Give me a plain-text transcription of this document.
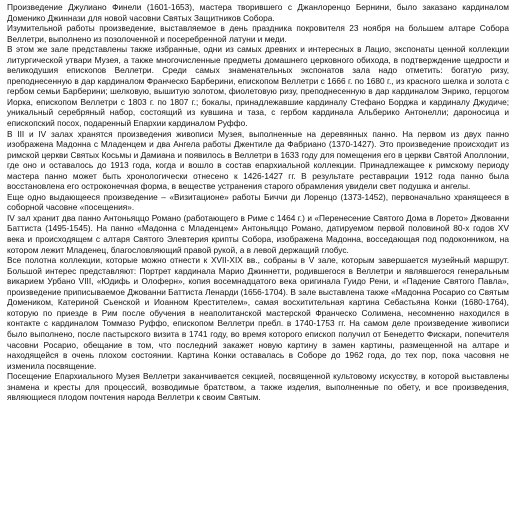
Произведение Джулиано Финели (1601-1653), мастера творившего с Джанлоренцо Бернини, было заказано кардиналом Доменико Джиннази для новой часовни Святых Защитников Собора.

Изумительной работы произведение, выставляемое в день праздника покровителя 23 ноября на большем алтаре Собора Веллетри, выполнено из позолоченной и посеребренной латуни и меди.

В этом же зале представлены также избранные, одни из самых древних и интересных в Лацио, экспонаты ценной коллекции литургической утвари Музея, а также многочисленные предметы домашнего церковного обихода, в подтверждение щедрости и великодушия епископов Веллетри. Среди самых знаменательных экспонатов зала надо отметить: богатую ризу, преподнесенную в дар кардиналом Франческо Барберини, епископом Веллетри с 1666 г. по 1680 г., из красного шелка и золота с гербом семьи Барберини; шелковую, вышитую золотом, фиолетовую ризу, преподнесенную в дар кардиналом Энрико, герцогом Иорка, епископом Веллетри с 1803 г. по 1807 г.; бокалы, принадлежавшие кардиналу Стефано Борджа и кардиналу Джудиче; уникальный серебряный набор, состоящий из кувшина и таза, с гербом кардинала Альберико Антонелли; дароносица и епископский посох, подаренный Епархии кардиналом Руффо.

В III и IV залах хранятся произведения живописи Музея, выполненные на деревянных панно. На первом из двух панно изображена Мадонна с Младенцем и два Ангела работы Джентиле да Фабриано (1370-1427). Это произведение происходит из римской церкви Святых Косьмы и Дамиана и появилось в Веллетри в 1633 году для помещения его в церкви Святой Аполлонии, где оно и оставалось до 1913 года, когда и вошло в состав епархиальной коллекции. Принадлежащее к римскому периоду мастера панно может быть хронологически отнесено к 1426-1427 гг. В результате реставрации 1912 года панно была восстановлена его остроконечная форма, в веществе устранения старого обрамления увидели свет подушка и ангелы.

Еще одно выдающееся произведение – «Визитационе» работы Биччи ди Лоренцо (1373-1452), первоначально хранящееся в соборной часовне «посещения».

IV зал хранит два панно Антоньяццо Романо (работающего в Риме с 1464 г.) и «Перенесение Святого Дома в Лорето» Джованни Баттиста (1495-1545). На панно «Мадонна с Младенцем» Антоньяццо Романо, датируемом первой половиной 80-х годов XV века и происходящем с алтаря Святого Элевтерия крипты Собора, изображена Мадонна, восседающая под подоконником, на котором лежит Младенец, благословляющий правой рукой, а в левой держащий глобус.

Все полотна коллекции, которые можно отнести к XVII-XIX вв., собраны в V зале, которым завершается музейный маршрут. Большой интерес представляют: Портрет кардинала Марио Джиннетти, родившегося в Веллетри и являвшегося генеральным викарием Урбано VIII, «Юдифь и Олоферн», копия восемнадцатого века оригинала Гуидо Рени, и «Падение Святого Павла», произведение приписываемое Джованни Баттиста Ленарди (1656-1704). В зале выставлена также «Мадонна Росарио со Святым Домеником, Катериной Сьенской и Иоанном Крестителем», самая восхитительная картина Себастьяна Конки (1680-1764), которую по приезде в Рим после обучения в неаполитанской мастерской Франческо Солимена, несомненно находился в контакте с кардиналом Томмазо Руффо, епископом Веллетри пребл. в 1740-1753 гг. На самом деле произведение живописи было выполнено, после пастырского визита в 1741 году, во время которого епископ получил от Бенедетто Фискари, попечителя часовни Росарио, обещание в том, что последний закажет новую картину в замен картины, размещенной на алтаре и находящейся в очень плохом состоянии. Картина Конки оставалась в Соборе до 1962 года, до тех пор, пока часовня не изменила посвящение.

Посещение Епархиального Музея Веллетри заканчивается секцией, посвященной культовому искусству, в которой выставлены знамена и кресты для процессий, возводимые братством, а также изделия, выполненные по обету, и все произведения, являющиеся плодом почтения народа Веллетри к своим Святым.
